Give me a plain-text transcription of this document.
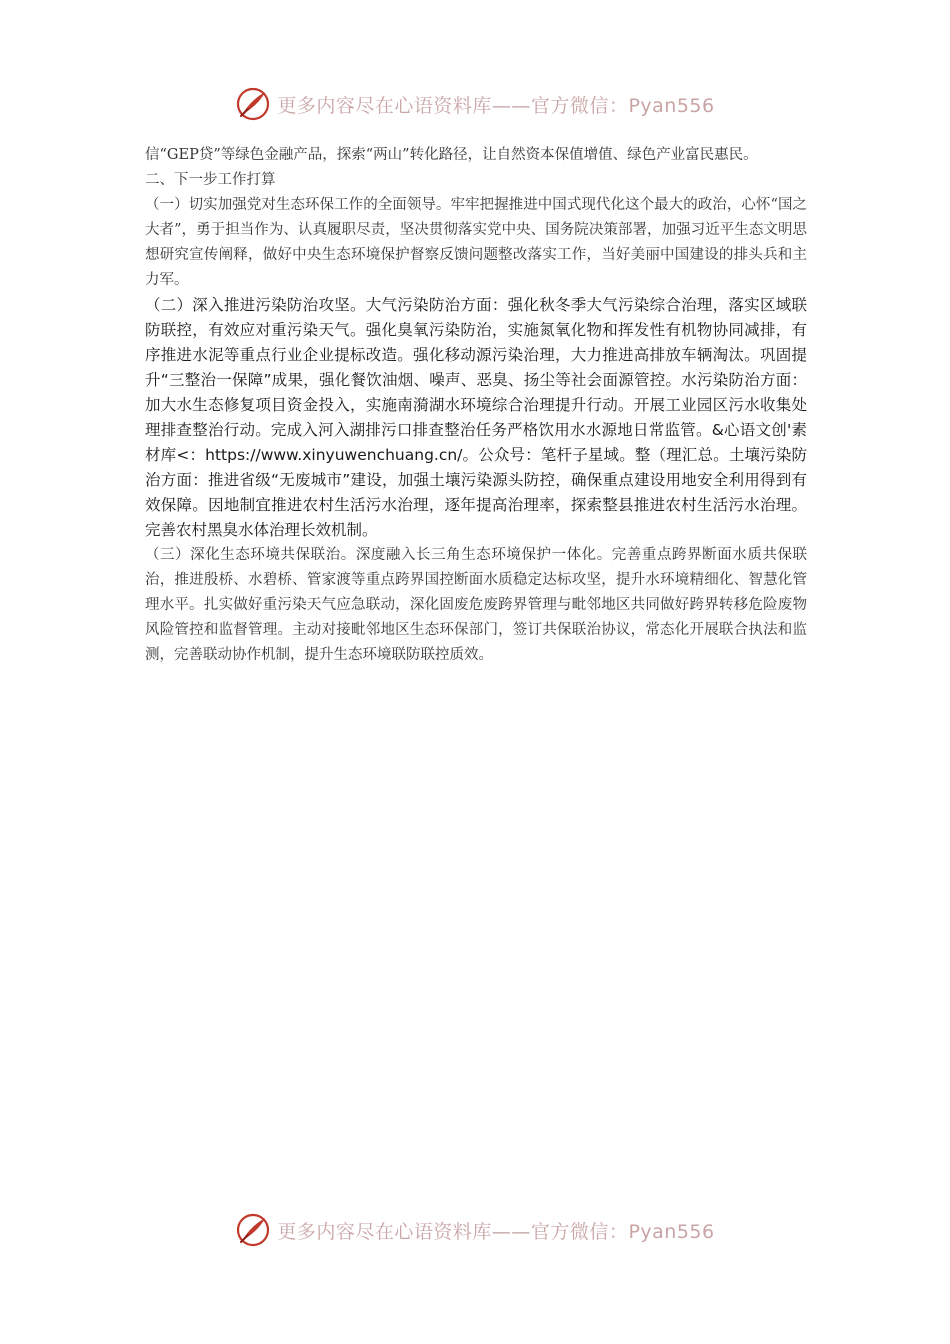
更多内容尽在心语资料库——官方微信：Pyan556

信“GEP贷”等绿色金融产品，探索“两山”转化路径，让自然资本保值增值、绿色产业富民惠民。

二、下一步工作打算

（一）切实加强党对生态环保工作的全面领导。牢牢把握推进中国式现代化这个最大的政治，心怀“国之大者”，勇于担当作为、认真履职尽责，坚决贯彻落实党中央、国务院决策部署，加强习近平生态文明思想研究宣传阐释，做好中央生态环境保护督察反馈问题整改落实工作，当好美丽中国建设的排头兵和主力军。

（二）深入推进污染防治攻坚。大气污染防治方面：强化秋冬季大气污染综合治理，落实区域联防联控，有效应对重污染天气。强化臭氧污染防治，实施氮氧化物和挥发性有机物协同减排，有序推进水泥等重点行业企业提标改造。强化移动源污染治理，大力推进高排放车辆淘汰。巩固提升“三整治一保障”成果，强化餐饮油烟、噪声、恶臭、扬尘等社会面源管控。水污染防治方面：加大水生态修复项目资金投入，实施南漪湖水环境综合治理提升行动。开展工业园区污水收集处理排查整治行动。完成入河入湖排污口排查整治任务严格饮用水水源地日常监管。&心语文创'素材库<：https://www.xinyuwenchuang.cn/。公众号：笔杆子星域。整（理汇总。土壤污染防治方面：推进省级“无废城市”建设，加强土壤污染源头防控，确保重点建设用地安全利用得到有效保障。因地制宜推进农村生活污水治理，逐年提高治理率，探索整县推进农村生活污水治理。完善农村黑臭水体治理长效机制。

（三）深化生态环境共保联治。深度融入长三角生态环境保护一体化。完善重点跨界断面水质共保联治，推进殷桥、水碧桥、管家渡等重点跨界国控断面水质稳定达标攻坚，提升水环境精细化、智慧化管理水平。扎实做好重污染天气应急联动，深化固废危废跨界管理与毗邻地区共同做好跨界转移危险废物风险管控和监督管理。主动对接毗邻地区生态环保部门，签订共保联治协议，常态化开展联合执法和监测，完善联动协作机制，提升生态环境联防联控质效。

更多内容尽在心语资料库——官方微信：Pyan556
